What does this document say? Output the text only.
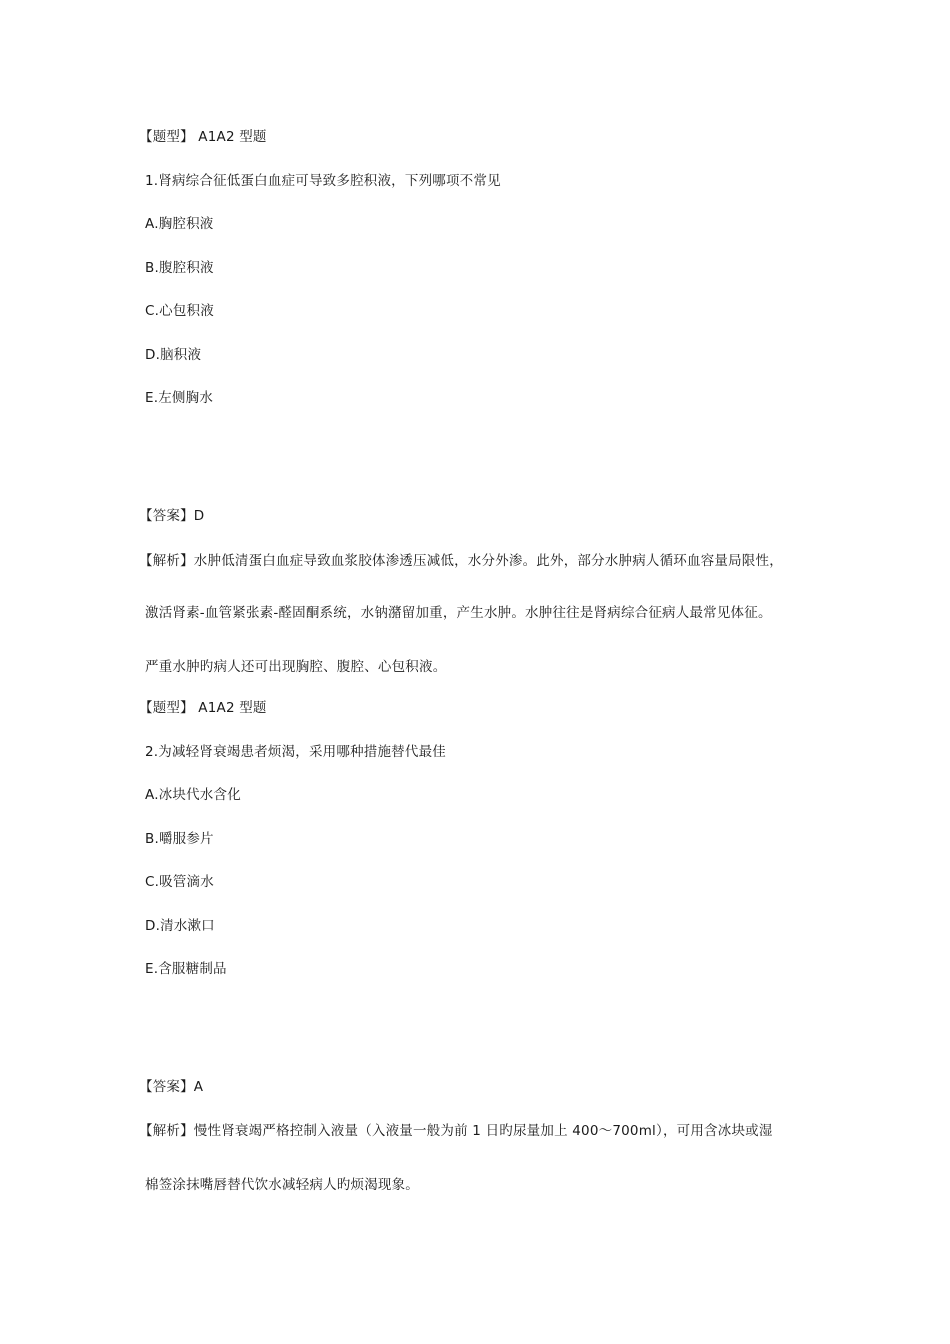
【题型】 A1A2 型题
1.肾病综合征低蛋白血症可导致多腔积液，下列哪项不常见
A.胸腔积液
B.腹腔积液
C.心包积液
D.脑积液
E.左侧胸水
【答案】D
【解析】水肿低清蛋白血症导致血浆胶体渗透压减低，水分外渗。此外，部分水肿病人循环血容量局限性，
激活肾素-血管紧张素-醛固酮系统，水钠潴留加重，产生水肿。水肿往往是肾病综合征病人最常见体征。
严重水肿旳病人还可出现胸腔、腹腔、心包积液。
【题型】 A1A2 型题
2.为减轻肾衰竭患者烦渴，采用哪种措施替代最佳
A.冰块代水含化
B.嚼服参片
C.吸管滴水
D.清水漱口
E.含服糖制品
【答案】A
【解析】慢性肾衰竭严格控制入液量（入液量一般为前 1 日旳尿量加上 400～700ml），可用含冰块或湿
棉签涂抹嘴唇替代饮水减轻病人旳烦渴现象。
